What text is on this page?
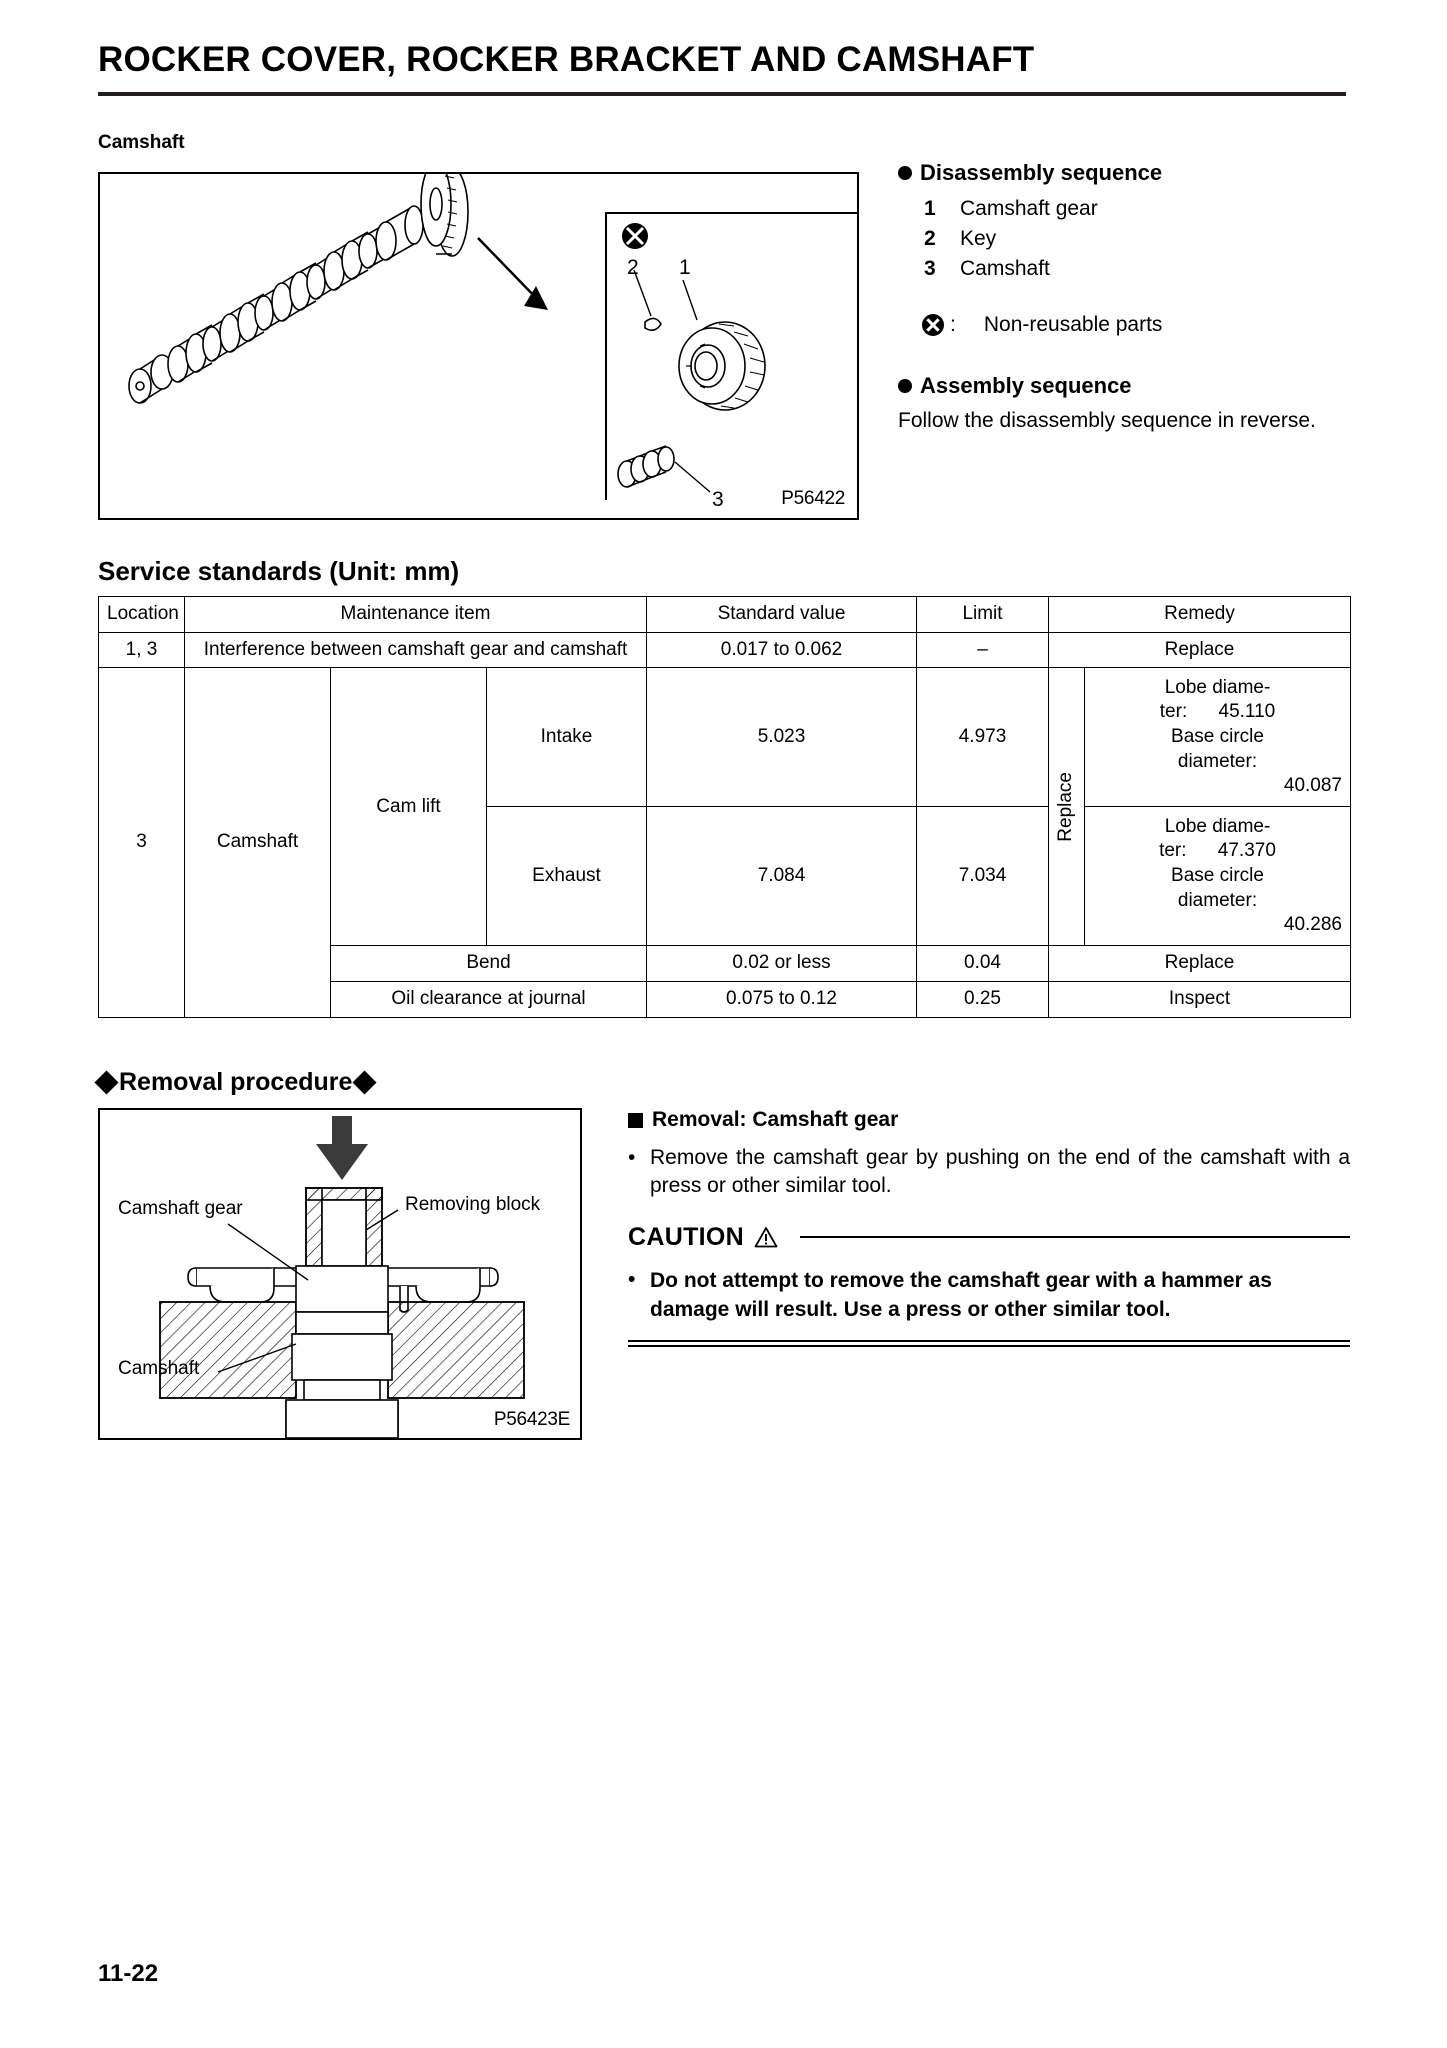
ROCKER COVER, ROCKER BRACKET AND CAMSHAFT
Camshaft
2 1
3	P56422
Disassembly sequence
1	Camshaft gear
2	Key
3	Camshaft
: Non-reusable parts
Assembly sequence
Follow the disassembly sequence in reverse.
Service standards (Unit: mm)
Location	Maintenance item			Standard value	Limit	Remedy	
1, 3	Interference between camshaft gear and camshaft			0.017 to 0.062	–	Replace	
3	Camshaft	Cam lift	Intake	5.023	4.973	Replace	Lobe diame-
ter: 45.110
Base circle
diameter:
40.087

			Exhaust	7.084	7.034		Lobe diame-
ter: 47.370
Base circle
diameter:
40.286

		Bend		0.02 or less	0.04	Replace	
		Oil clearance at journal		0.075 to 0.12	0.25	Inspect	
Removal procedure
Camshaft gear	Removing block
Camshaft
P56423E
Removal: Camshaft gear
• Remove the camshaft gear by pushing on the end of the camshaft with a press or other similar tool.
CAUTION
• Do not attempt to remove the camshaft gear with a hammer as damage will result. Use a press or other similar tool.
11-22
